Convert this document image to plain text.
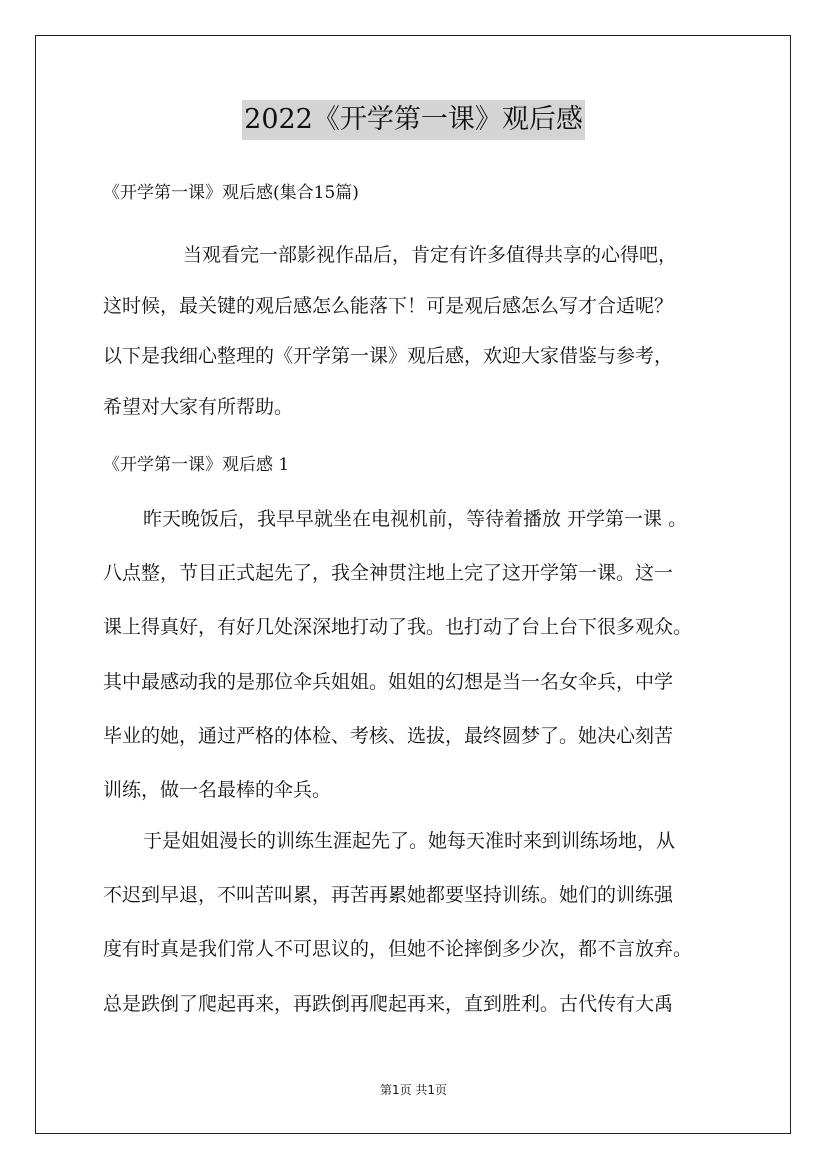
2022《开学第一课》观后感
《开学第一课》观后感(集合15篇)

当观看完一部影视作品后，肯定有许多值得共享的心得吧，
这时候，最关键的观后感怎么能落下！可是观后感怎么写才合适呢？
以下是我细心整理的《开学第一课》观后感，欢迎大家借鉴与参考，
希望对大家有所帮助。

《开学第一课》观后感 1

昨天晚饭后，我早早就坐在电视机前，等待着播放 开学第一课 。
八点整，节目正式起先了，我全神贯注地上完了这开学第一课。这一
课上得真好，有好几处深深地打动了我。也打动了台上台下很多观众。
其中最感动我的是那位伞兵姐姐。姐姐的幻想是当一名女伞兵，中学
毕业的她，通过严格的体检、考核、选拔，最终圆梦了。她决心刻苦
训练，做一名最棒的伞兵。

于是姐姐漫长的训练生涯起先了。她每天准时来到训练场地，从
不迟到早退，不叫苦叫累，再苦再累她都要坚持训练。她们的训练强
度有时真是我们常人不可思议的，但她不论摔倒多少次，都不言放弃。
总是跌倒了爬起再来，再跌倒再爬起再来，直到胜利。古代传有大禹

第1页 共1页
